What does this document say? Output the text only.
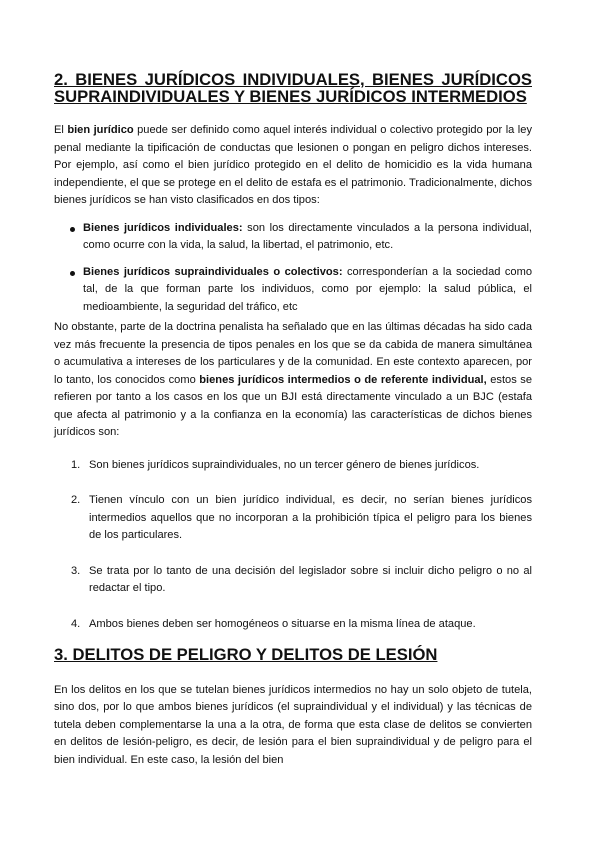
2. BIENES JURÍDICOS INDIVIDUALES, BIENES JURÍDICOS SUPRAINDIVIDUALES Y BIENES JURÍDICOS INTERMEDIOS

El bien jurídico puede ser definido como aquel interés individual o colectivo protegido por la ley penal mediante la tipificación de conductas que lesionen o pongan en peligro dichos intereses. Por ejemplo, así como el bien jurídico protegido en el delito de homicidio es la vida humana independiente, el que se protege en el delito de estafa es el patrimonio. Tradicionalmente, dichos bienes jurídicos se han visto clasificados en dos tipos:

Bienes jurídicos individuales: son los directamente vinculados a la persona individual, como ocurre con la vida, la salud, la libertad, el patrimonio, etc.
Bienes jurídicos supraindividuales o colectivos: corresponderían a la sociedad como tal, de la que forman parte los individuos, como por ejemplo: la salud pública, el medioambiente, la seguridad del tráfico, etc

No obstante, parte de la doctrina penalista ha señalado que en las últimas décadas ha sido cada vez más frecuente la presencia de tipos penales en los que se da cabida de manera simultánea o acumulativa a intereses de los particulares y de la comunidad. En este contexto aparecen, por lo tanto, los conocidos como bienes jurídicos intermedios o de referente individual, estos se refieren por tanto a los casos en los que un BJI está directamente vinculado a un BJC (estafa que afecta al patrimonio y a la confianza en la economía) las características de dichos bienes jurídicos son:

1. Son bienes jurídicos supraindividuales, no un tercer género de bienes jurídicos.
2. Tienen vínculo con un bien jurídico individual, es decir, no serían bienes jurídicos intermedios aquellos que no incorporan a la prohibición típica el peligro para los bienes de los particulares.
3. Se trata por lo tanto de una decisión del legislador sobre si incluir dicho peligro o no al redactar el tipo.
4. Ambos bienes deben ser homogéneos o situarse en la misma línea de ataque.
3. DELITOS DE PELIGRO Y DELITOS DE LESIÓN

En los delitos en los que se tutelan bienes jurídicos intermedios no hay un solo objeto de tutela, sino dos, por lo que ambos bienes jurídicos (el supraindividual y el individual) y las técnicas de tutela deben complementarse la una a la otra, de forma que esta clase de delitos se convierten en delitos de lesión-peligro, es decir, de lesión para el bien supraindividual y de peligro para el bien individual. En este caso, la lesión del bien
